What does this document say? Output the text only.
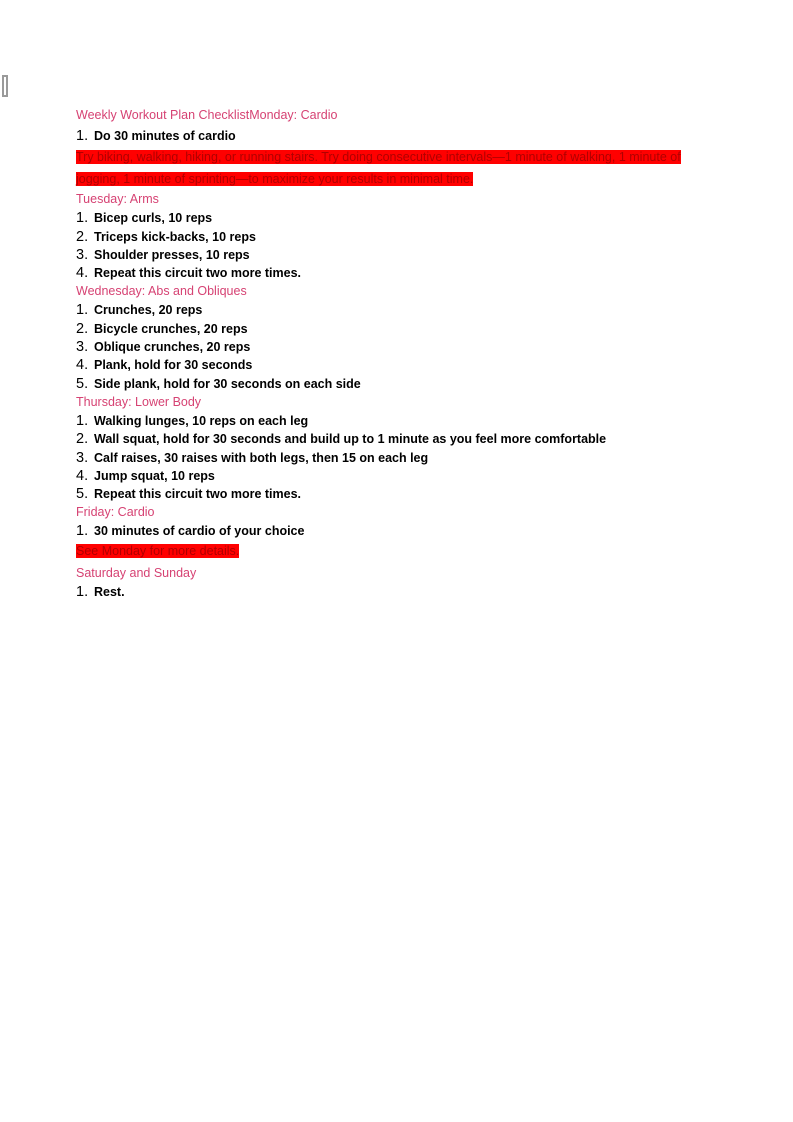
Weekly Workout Plan ChecklistMonday: Cardio

1. Do 30 minutes of cardio

Try biking, walking, hiking, or running stairs. Try doing consecutive intervals—1 minute of walking, 1 minute of jogging, 1 minute of sprinting—to maximize your results in minimal time.

Tuesday: Arms

1. Bicep curls, 10 reps
2. Triceps kick-backs, 10 reps
3. Shoulder presses, 10 reps
4. Repeat this circuit two more times.

Wednesday: Abs and Obliques

1. Crunches, 20 reps
2. Bicycle crunches, 20 reps
3. Oblique crunches, 20 reps
4. Plank, hold for 30 seconds
5. Side plank, hold for 30 seconds on each side

Thursday: Lower Body

1. Walking lunges, 10 reps on each leg
2. Wall squat, hold for 30 seconds and build up to 1 minute as you feel more comfortable
3. Calf raises, 30 raises with both legs, then 15 on each leg
4. Jump squat, 10 reps
5. Repeat this circuit two more times.

Friday: Cardio

1. 30 minutes of cardio of your choice

See Monday for more details.

Saturday and Sunday

1. Rest.
